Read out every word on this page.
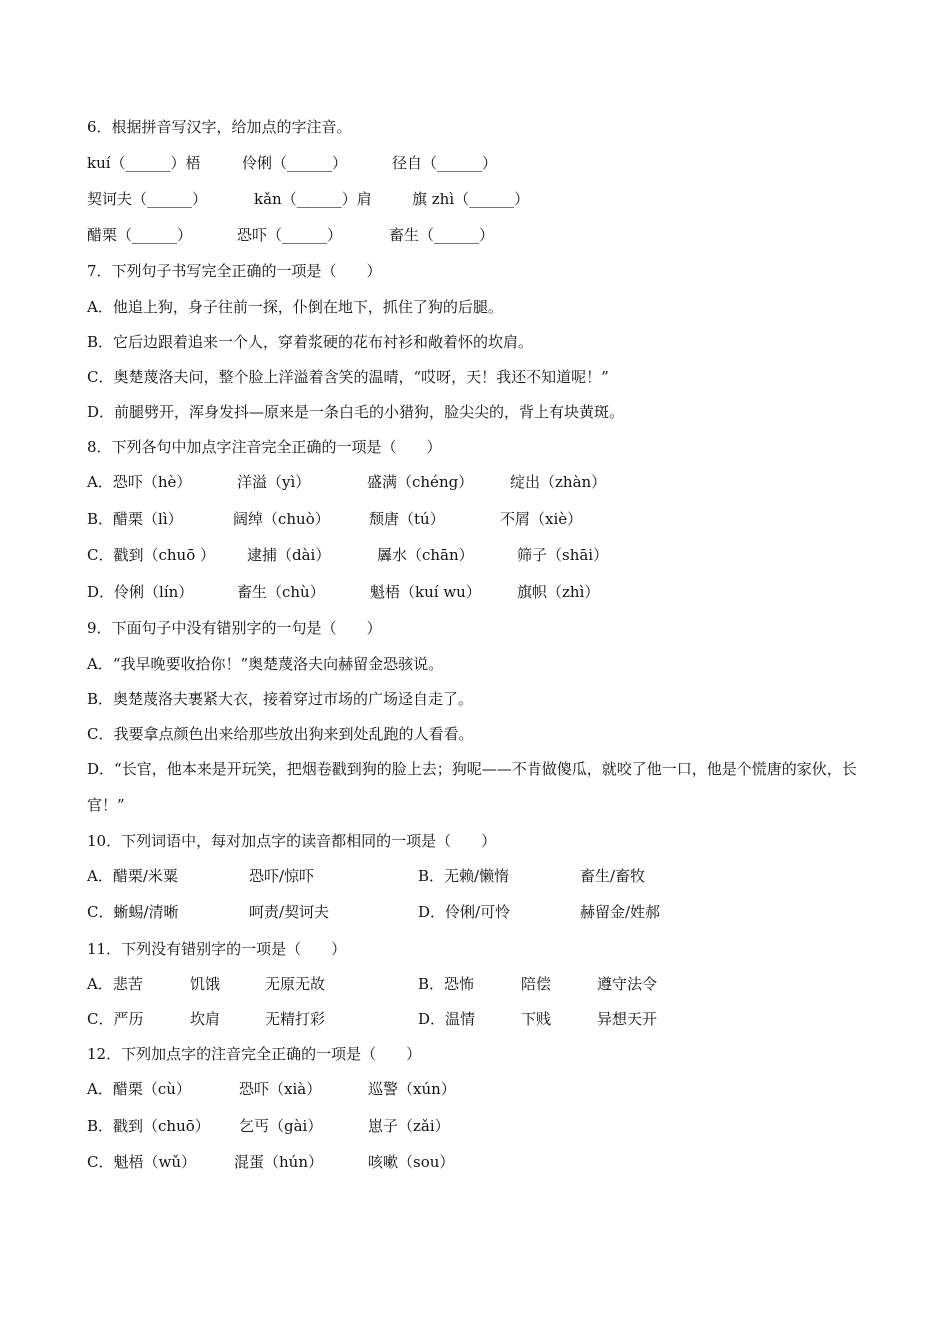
6．根据拼音写汉字，给加点的字注音。
kuí（______）梧	伶俐（______）	径自（______）
契诃夫（______）	kǎn（______）肩	旗 zhì（______）
醋栗（______）	恐吓（______）	畜生（______）
7．下列句子书写完全正确的一项是（　　）
A．他追上狗，身子往前一探，仆倒在地下，抓住了狗的后腿。
B．它后边跟着追来一个人，穿着浆硬的花布衬衫和敞着怀的坎肩。
C．奥楚蔑洛夫问，整个脸上洋溢着含笑的温晴，“哎呀，天！我还不知道呢！”
D．前腿劈开，浑身发抖—原来是一条白毛的小猎狗，脸尖尖的，背上有块黄斑。
8．下列各句中加点字注音完全正确的一项是（　　）
A．恐吓（hè）	洋溢（yì）	盛满（chéng） 绽出（zhàn）
B．醋栗（lì）	阔绰（chuò）	颓唐（tú）	不屑（xiè）
C．戳到（chuō ） 逮捕（dài）	羼水（chān）	筛子（shāi）
D．伶俐（lín）	畜生（chù）	魁梧（kuí wu） 旗帜（zhì）
9．下面句子中没有错别字的一句是（　　）
A．“我早晚要收拾你！”奥楚蔑洛夫向赫留金恐骇说。
B．奥楚蔑洛夫裹紧大衣，接着穿过市场的广场迳自走了。
C．我要拿点颜色出来给那些放出狗来到处乱跑的人看看。
D．“长官，他本来是开玩笑，把烟卷戳到狗的脸上去；狗呢——不肯做傻瓜，就咬了他一口，他是个慌唐的家伙，长官！”
10．下列词语中，每对加点字的读音都相同的一项是（　　）
A．醋栗/米粟	恐吓/惊吓	B．无赖/懒惰	畜生/畜牧
C．蜥蜴/清晰	呵责/契诃夫	D．伶俐/可怜	赫留金/姓郝
11．下列没有错别字的一项是（　　）
A．悲苦	饥饿	无原无故	B．恐怖	陪偿	遵守法令
C．严历	坎肩	无精打彩	D．温情	下贱	异想天开
12．下列加点字的注音完全正确的一项是（　　）
A．醋栗（cù）	恐吓（xià）	巡警（xún）
B．戳到（chuō） 乞丐（gài）	崽子（zǎi）
C．魁梧（wǔ）	混蛋（hún）	咳嗽（sou）
